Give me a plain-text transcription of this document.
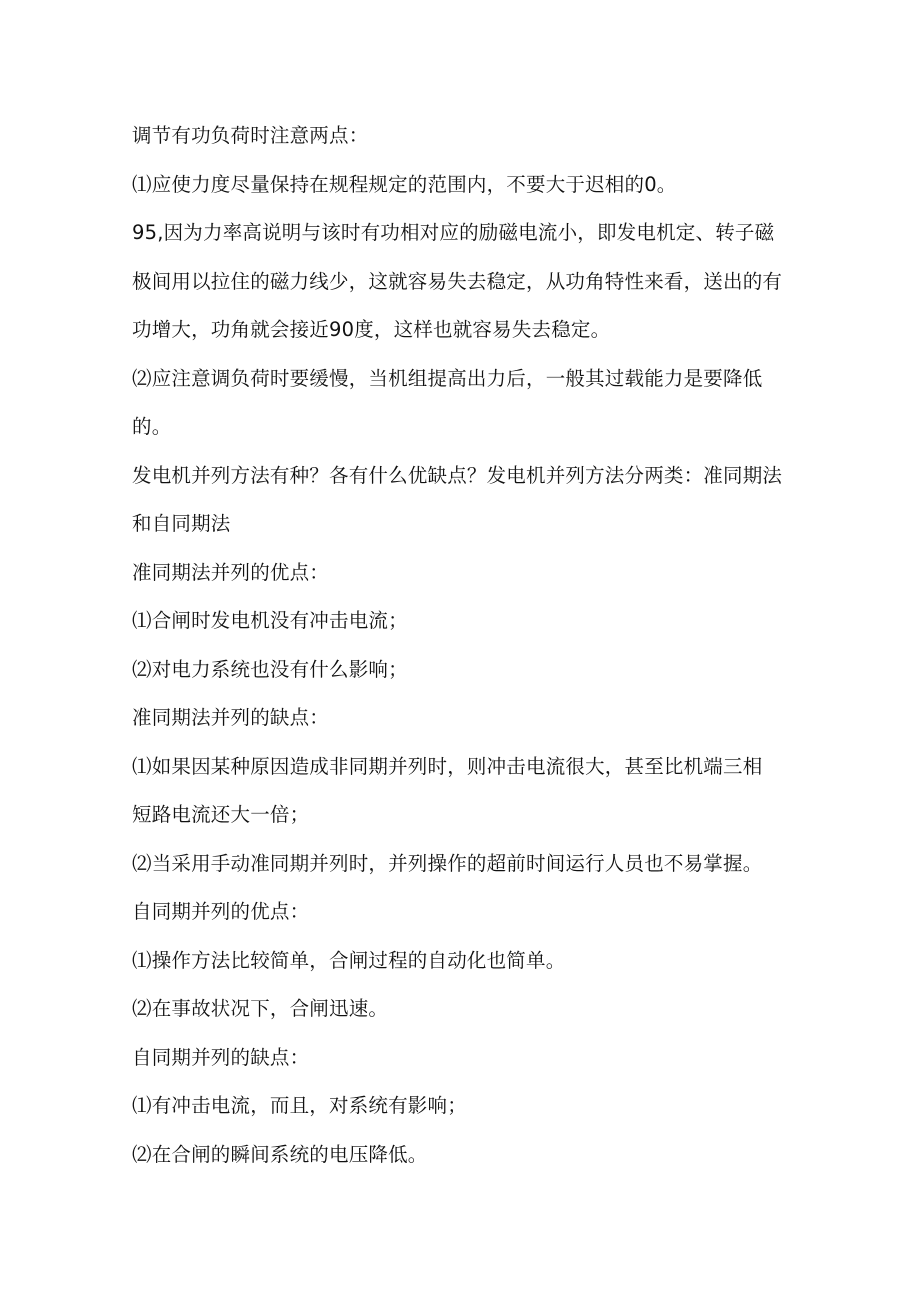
调节有功负荷时注意两点：
⑴应使力度尽量保持在规程规定的范围内，不要大于迟相的0。
95,因为力率高说明与该时有功相对应的励磁电流小，即发电机定、转子磁
极间用以拉住的磁力线少，这就容易失去稳定，从功角特性来看，送出的有
功增大，功角就会接近90度，这样也就容易失去稳定。
⑵应注意调负荷时要缓慢，当机组提高出力后，一般其过载能力是要降低
的。
发电机并列方法有种？各有什么优缺点？发电机并列方法分两类：准同期法
和自同期法
准同期法并列的优点：
⑴合闸时发电机没有冲击电流；
⑵对电力系统也没有什么影响；
准同期法并列的缺点：
⑴如果因某种原因造成非同期并列时，则冲击电流很大，甚至比机端三相
短路电流还大一倍；
⑵当采用手动准同期并列时，并列操作的超前时间运行人员也不易掌握。
自同期并列的优点：
⑴操作方法比较简单，合闸过程的自动化也简单。
⑵在事故状况下，合闸迅速。
自同期并列的缺点：
⑴有冲击电流，而且，对系统有影响；
⑵在合闸的瞬间系统的电压降低。
